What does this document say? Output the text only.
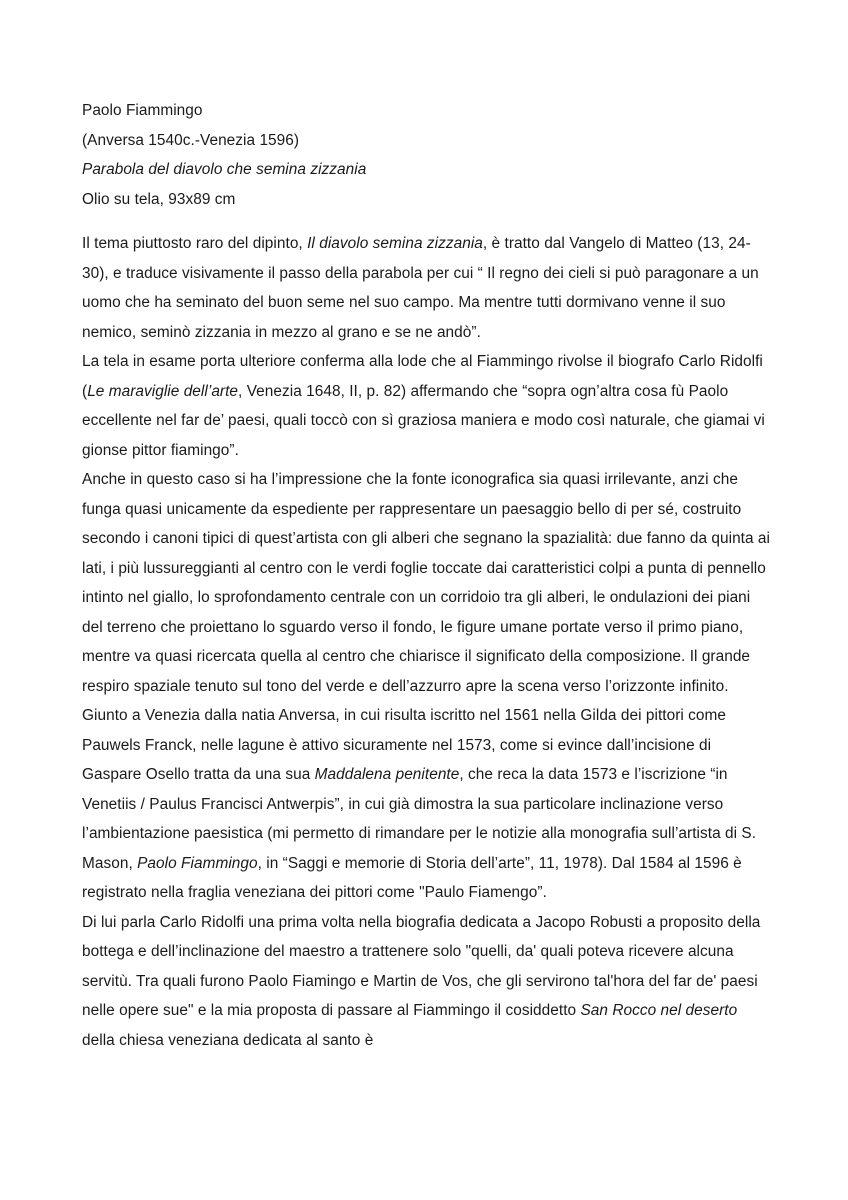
Paolo Fiammingo

(Anversa 1540c.-Venezia 1596)

Parabola del diavolo che semina zizzania

Olio su tela, 93x89 cm

Il tema piuttosto raro del dipinto, Il diavolo semina zizzania, è tratto dal Vangelo di Matteo (13, 24-30), e traduce visivamente il passo della parabola per cui “ Il regno dei cieli si può paragonare a un uomo che ha seminato del buon seme nel suo campo. Ma mentre tutti dormivano venne il suo nemico, seminò zizzania in mezzo al grano e se ne andò”.

La tela in esame porta ulteriore conferma alla lode che al Fiammingo rivolse il biografo Carlo Ridolfi (Le maraviglie dell’arte, Venezia 1648, II, p. 82) affermando che “sopra ogn’altra cosa fù Paolo eccellente nel far de’ paesi, quali toccò con sì graziosa maniera e modo così naturale, che giamai vi gionse pittor fiamingo”.

Anche in questo caso si ha l’impressione che la fonte iconografica sia quasi irrilevante, anzi che funga quasi unicamente da espediente per rappresentare un paesaggio bello di per sé, costruito secondo i canoni tipici di quest’artista con gli alberi che segnano la spazialità: due fanno da quinta ai lati, i più lussureggianti al centro con le verdi foglie toccate dai caratteristici colpi a punta di pennello intinto nel giallo, lo sprofondamento centrale con un corridoio tra gli alberi, le ondulazioni dei piani del terreno che proiettano lo sguardo verso il fondo, le figure umane portate verso il primo piano, mentre va quasi ricercata quella al centro che chiarisce il significato della composizione. Il grande respiro spaziale tenuto sul tono del verde e dell’azzurro apre la scena verso l’orizzonte infinito.

Giunto a Venezia dalla natia Anversa, in cui risulta iscritto nel 1561 nella Gilda dei pittori come Pauwels Franck, nelle lagune è attivo sicuramente nel 1573, come si evince dall’incisione di Gaspare Osello tratta da una sua Maddalena penitente, che reca la data 1573 e l’iscrizione “in Venetiis / Paulus Francisci Antwerpis”, in cui già dimostra la sua particolare inclinazione verso l’ambientazione paesistica (mi permetto di rimandare per le notizie alla monografia sull’artista di S. Mason, Paolo Fiammingo, in “Saggi e memorie di Storia dell’arte”, 11, 1978). Dal 1584 al 1596 è registrato nella fraglia veneziana dei pittori come "Paulo Fiamengo”.

Di lui parla Carlo Ridolfi una prima volta nella biografia dedicata a Jacopo Robusti a proposito della bottega e dell’inclinazione del maestro a trattenere solo "quelli, da' quali poteva ricevere alcuna servitù. Tra quali furono Paolo Fiamingo e Martin de Vos, che gli servirono tal'hora del far de' paesi nelle opere sue" e la mia proposta di passare al Fiammingo il cosiddetto San Rocco nel deserto della chiesa veneziana dedicata al santo è
